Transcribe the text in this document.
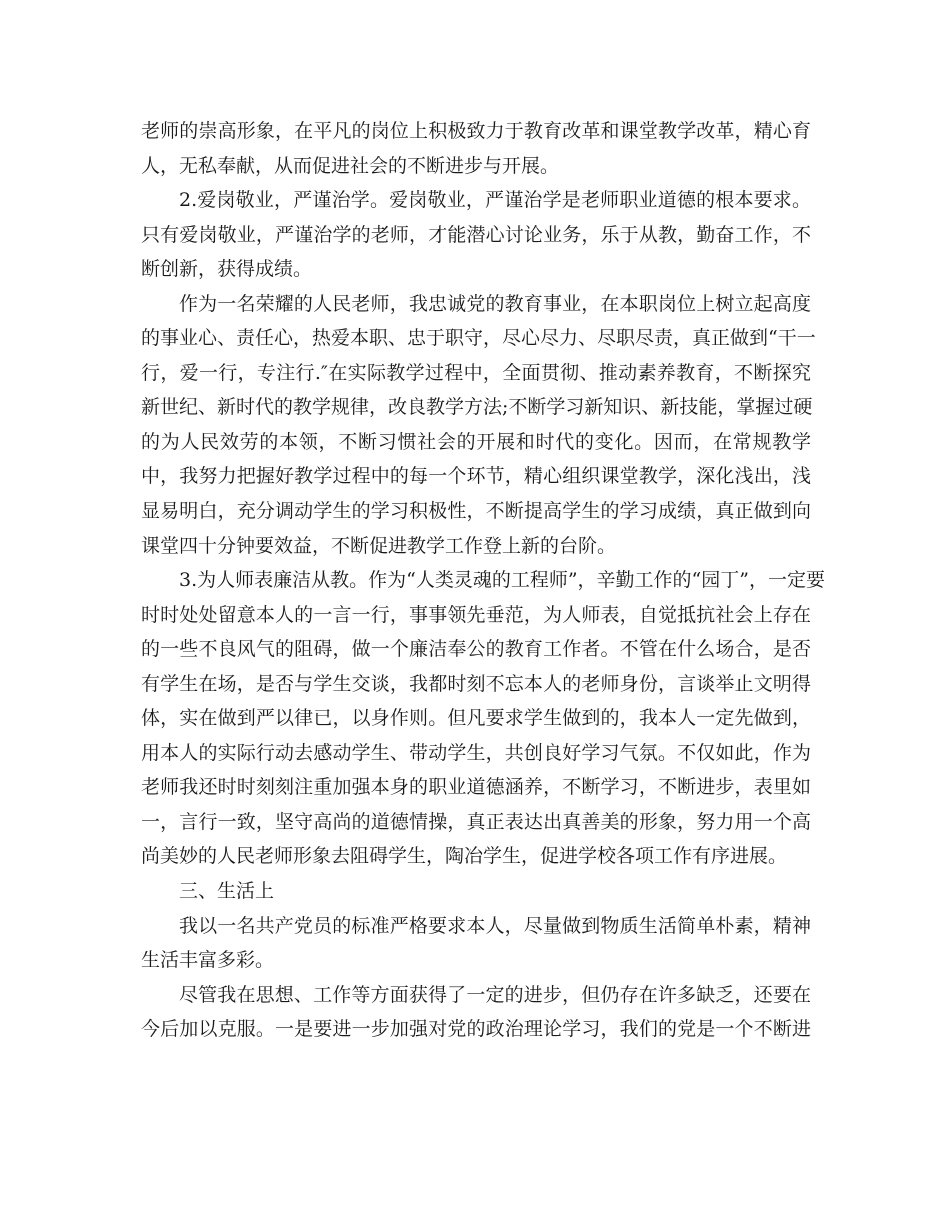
老师的崇高形象，在平凡的岗位上积极致力于教育改革和课堂教学改革，精心育
人，无私奉献，从而促进社会的不断进步与开展。
2.爱岗敬业，严谨治学。爱岗敬业，严谨治学是老师职业道德的根本要求。
只有爱岗敬业，严谨治学的老师，才能潜心讨论业务，乐于从教，勤奋工作，不
断创新，获得成绩。
作为一名荣耀的人民老师，我忠诚党的教育事业，在本职岗位上树立起高度
的事业心、责任心，热爱本职、忠于职守，尽心尽力、尽职尽责，真正做到“干一
行，爱一行，专注行.″在实际教学过程中，全面贯彻、推动素养教育，不断探究
新世纪、新时代的教学规律，改良教学方法;不断学习新知识、新技能，掌握过硬
的为人民效劳的本领，不断习惯社会的开展和时代的变化。因而，在常规教学
中，我努力把握好教学过程中的每一个环节，精心组织课堂教学，深化浅出，浅
显易明白，充分调动学生的学习积极性，不断提高学生的学习成绩，真正做到向
课堂四十分钟要效益，不断促进教学工作登上新的台阶。
3.为人师表廉洁从教。作为“人类灵魂的工程师”，辛勤工作的“园丁”，一定要
时时处处留意本人的一言一行，事事领先垂范，为人师表，自觉抵抗社会上存在
的一些不良风气的阻碍，做一个廉洁奉公的教育工作者。不管在什么场合，是否
有学生在场，是否与学生交谈，我都时刻不忘本人的老师身份，言谈举止文明得
体，实在做到严以律已，以身作则。但凡要求学生做到的，我本人一定先做到，
用本人的实际行动去感动学生、带动学生，共创良好学习气氛。不仅如此，作为
老师我还时时刻刻注重加强本身的职业道德涵养，不断学习，不断进步，表里如
一，言行一致，坚守高尚的道德情操，真正表达出真善美的形象，努力用一个高
尚美妙的人民老师形象去阻碍学生，陶冶学生，促进学校各项工作有序进展。
三、生活上
我以一名共产党员的标准严格要求本人，尽量做到物质生活简单朴素，精神
生活丰富多彩。
尽管我在思想、工作等方面获得了一定的进步，但仍存在许多缺乏，还要在
今后加以克服。一是要进一步加强对党的政治理论学习，我们的党是一个不断进
